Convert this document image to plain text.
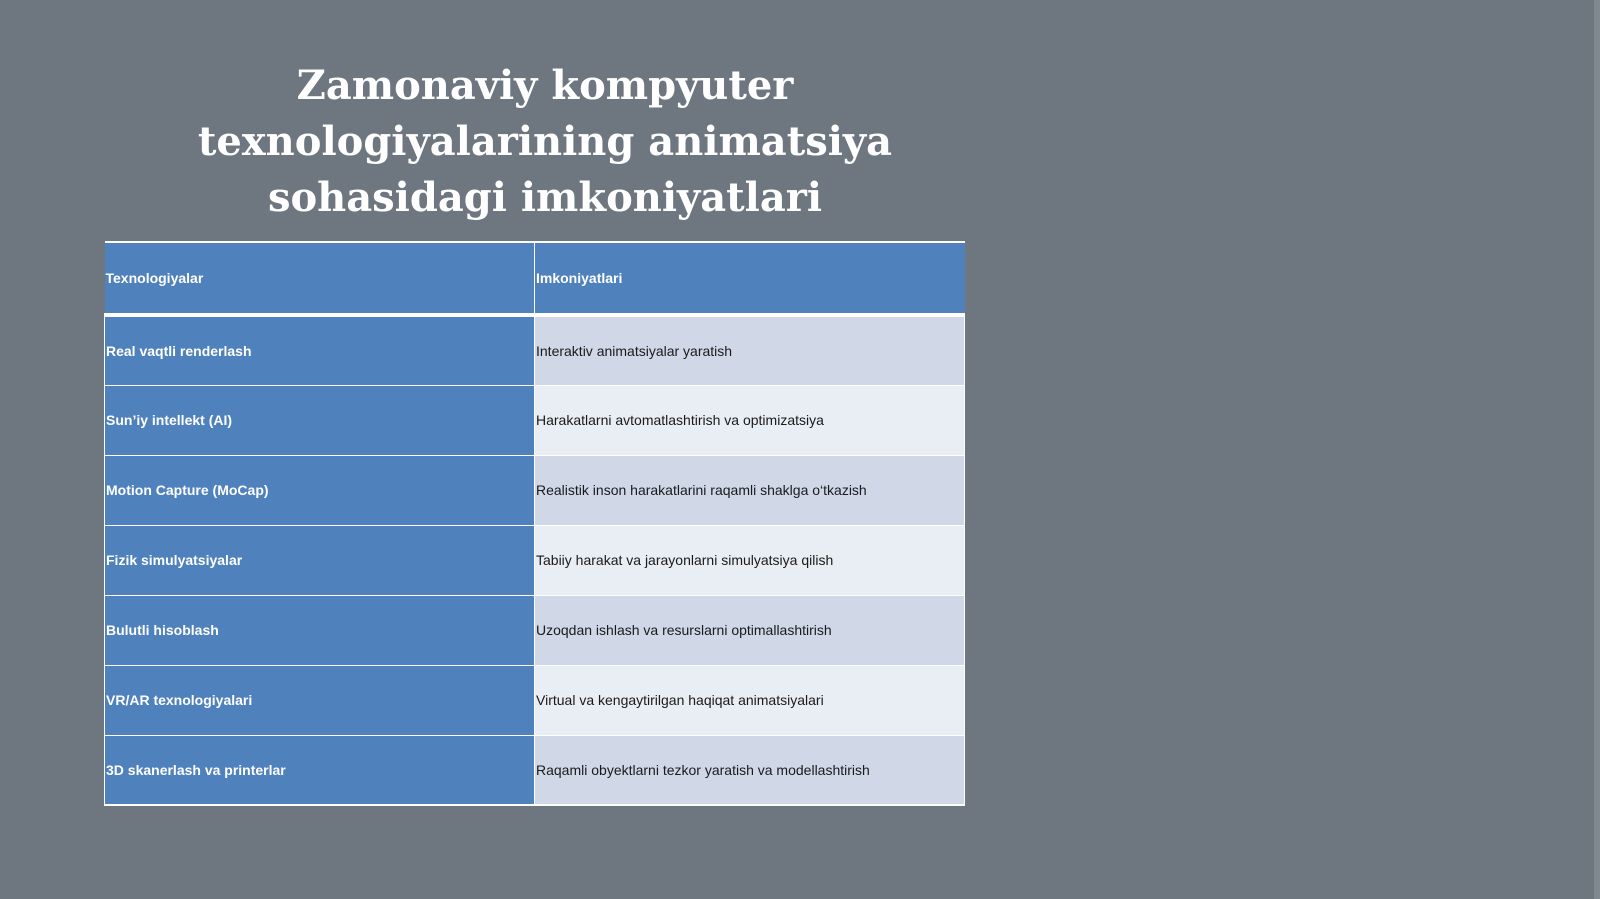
Zamonaviy kompyuter
texnologiyalarining animatsiya
sohasidagi imkoniyatlari
Texnologiyalar	Imkoniyatlari
Real vaqtli renderlash	Interaktiv animatsiyalar yaratish
Sun’iy intellekt (AI)	Harakatlarni avtomatlashtirish va optimizatsiya
Motion Capture (MoCap)	Realistik inson harakatlarini raqamli shaklga o‘tkazish
Fizik simulyatsiyalar	Tabiiy harakat va jarayonlarni simulyatsiya qilish
Bulutli hisoblash	Uzoqdan ishlash va resurslarni optimallashtirish
VR/AR texnologiyalari	Virtual va kengaytirilgan haqiqat animatsiyalari
3D skanerlash va printerlar	Raqamli obyektlarni tezkor yaratish va modellashtirish
